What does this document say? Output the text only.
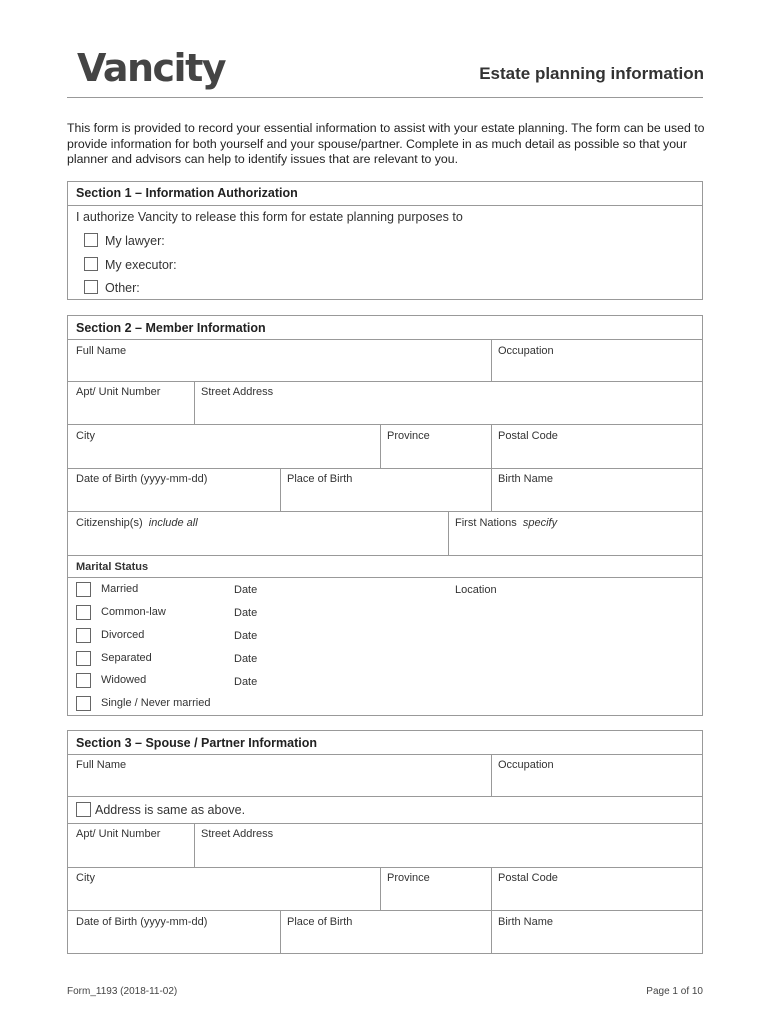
Vancity	Estate planning information
This form is provided to record your essential information to assist with your estate planning. The form can be used to provide information for both yourself and your spouse/partner. Complete in as much detail as possible so that your planner and advisors can help to identify issues that are relevant to you.
Section 1 – Information Authorization
I authorize Vancity to release this form for estate planning purposes to
My lawyer:
My executor:
Other:
Section 2 – Member Information
Full Name	Occupation
Apt/ Unit Number	Street Address
City	Province	Postal Code
Date of Birth (yyyy-mm-dd)	Place of Birth	Birth Name
Citizenship(s) include all	First Nations specify
Marital Status
Married	Date	Location
Common-law	Date
Divorced	Date
Separated	Date
Widowed	Date
Single / Never married
Section 3 – Spouse / Partner Information
Full Name	Occupation
Address is same as above.
Apt/ Unit Number	Street Address
City	Province	Postal Code
Date of Birth (yyyy-mm-dd)	Place of Birth	Birth Name
Form_1193 (2018-11-02)	Page 1 of 10
